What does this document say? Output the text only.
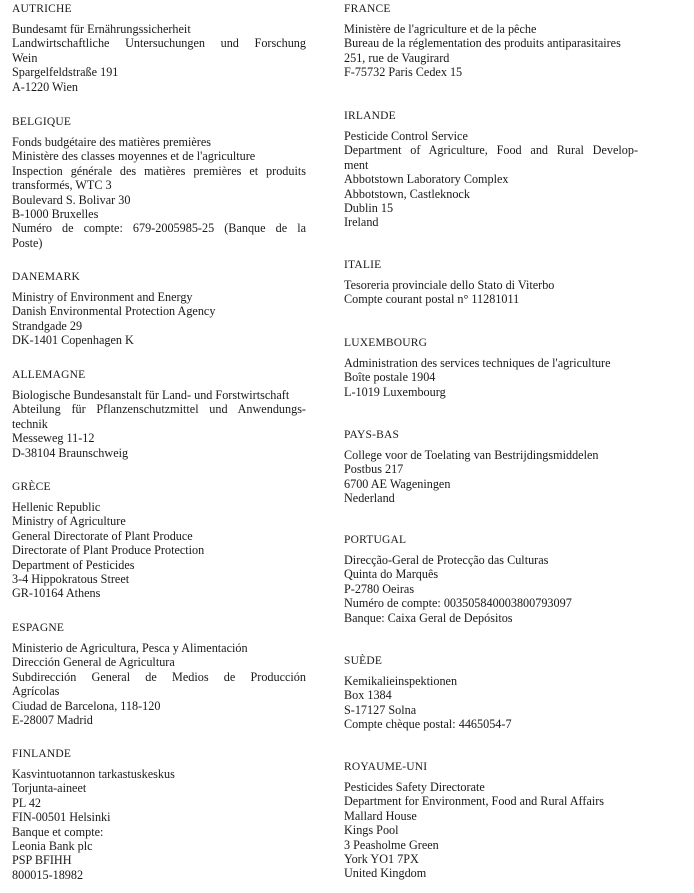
AUTRICHE
Bundesamt für Ernährungssicherheit
Landwirtschaftliche Untersuchungen und Forschung
Wein
Spargelfeldstraße 191
A-1220 Wien
BELGIQUE
Fonds budgétaire des matières premières
Ministère des classes moyennes et de l'agriculture
Inspection générale des matières premières et produits
transformés, WTC 3
Boulevard S. Bolivar 30
B-1000 Bruxelles
Numéro de compte: 679-2005985-25 (Banque de la
Poste)
DANEMARK
Ministry of Environment and Energy
Danish Environmental Protection Agency
Strandgade 29
DK-1401 Copenhagen K
ALLEMAGNE
Biologische Bundesanstalt für Land- und Forstwirtschaft
Abteilung für Pflanzenschutzmittel und Anwendungs-
technik
Messeweg 11-12
D-38104 Braunschweig
GRÈCE
Hellenic Republic
Ministry of Agriculture
General Directorate of Plant Produce
Directorate of Plant Produce Protection
Department of Pesticides
3-4 Hippokratous Street
GR-10164 Athens
ESPAGNE
Ministerio de Agricultura, Pesca y Alimentación
Dirección General de Agricultura
Subdirección General de Medios de Producción
Agrícolas
Ciudad de Barcelona, 118-120
E-28007 Madrid
FINLANDE
Kasvintuotannon tarkastuskeskus
Torjunta-aineet
PL 42
FIN-00501 Helsinki
Banque et compte:
Leonia Bank plc
PSP BFIHH
800015-18982
FRANCE
Ministère de l'agriculture et de la pêche
Bureau de la réglementation des produits antiparasitaires
251, rue de Vaugirard
F-75732 Paris Cedex 15
IRLANDE
Pesticide Control Service
Department of Agriculture, Food and Rural Develop-
ment
Abbotstown Laboratory Complex
Abbotstown, Castleknock
Dublin 15
Ireland
ITALIE
Tesoreria provinciale dello Stato di Viterbo
Compte courant postal n° 11281011
LUXEMBOURG
Administration des services techniques de l'agriculture
Boîte postale 1904
L-1019 Luxembourg
PAYS-BAS
College voor de Toelating van Bestrijdingsmiddelen
Postbus 217
6700 AE Wageningen
Nederland
PORTUGAL
Direcção-Geral de Protecção das Culturas
Quinta do Marquês
P-2780 Oeiras
Numéro de compte: 003505840003800793097
Banque: Caixa Geral de Depósitos
SUÈDE
Kemikalieinspektionen
Box 1384
S-17127 Solna
Compte chèque postal: 4465054-7
ROYAUME-UNI
Pesticides Safety Directorate
Department for Environment, Food and Rural Affairs
Mallard House
Kings Pool
3 Peasholme Green
York YO1 7PX
United Kingdom
